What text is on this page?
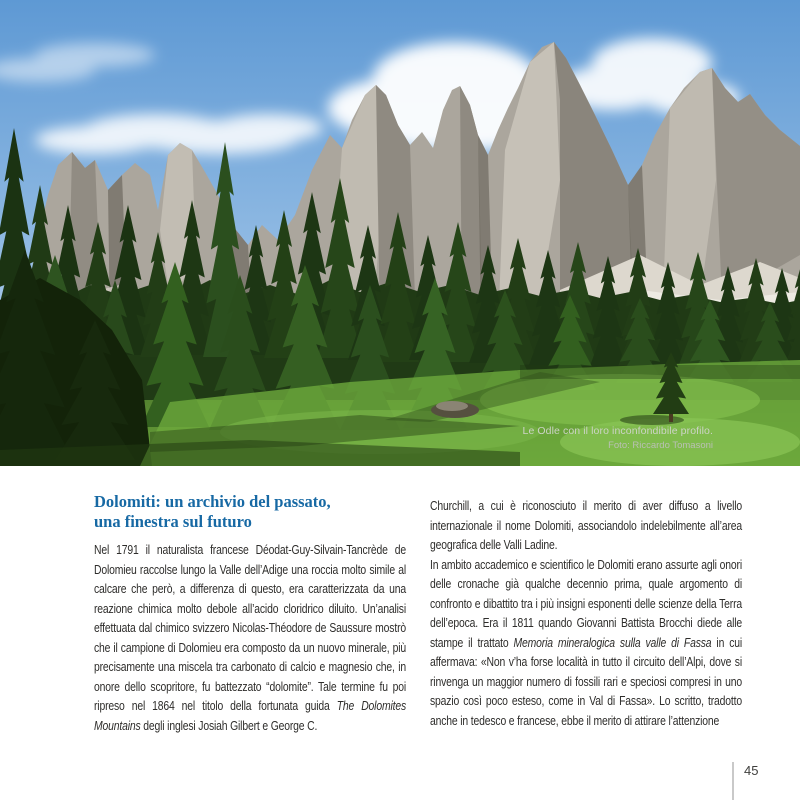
Le Odle con il loro inconfondibile profilo.
Foto: Riccardo Tomasoni
Dolomiti: un archivio del passato,
una finestra sul futuro

Nel 1791 il naturalista francese Déodat-Guy-Silvain-Tancrède de Dolomieu raccolse lungo la Valle dell’Adige una roccia molto simile al calcare che però, a differenza di questo, era caratterizzata da una reazione chimica molto debole all’acido cloridrico diluito. Un’analisi effettuata dal chimico svizzero Nicolas-Théodore de Saussure mostrò che il campione di Dolomieu era composto da un nuovo minerale, più precisamente una miscela tra carbonato di calcio e magnesio che, in onore dello scopritore, fu battezzato “dolomite”. Tale termine fu poi ripreso nel 1864 nel titolo della fortunata guida The Dolomites Mountains degli inglesi Josiah Gilbert e George C.

Churchill, a cui è riconosciuto il merito di aver diffuso a livello internazionale il nome Dolomiti, associandolo indelebilmente all’area geografica delle Valli Ladine.

In ambito accademico e scientifico le Dolomiti erano assurte agli onori delle cronache già qualche decennio prima, quale argomento di confronto e dibattito tra i più insigni esponenti delle scienze della Terra dell’epoca. Era il 1811 quando Giovanni Battista Brocchi diede alle stampe il trattato Memoria mineralogica sulla valle di Fassa in cui affermava: «Non v’ha forse località in tutto il circuito dell’Alpi, dove si rinvenga un maggior numero di fossili rari e speciosi compresi in uno spazio così poco esteso, come in Val di Fassa». Lo scritto, tradotto anche in tedesco e francese, ebbe il merito di attirare l’attenzione

45
